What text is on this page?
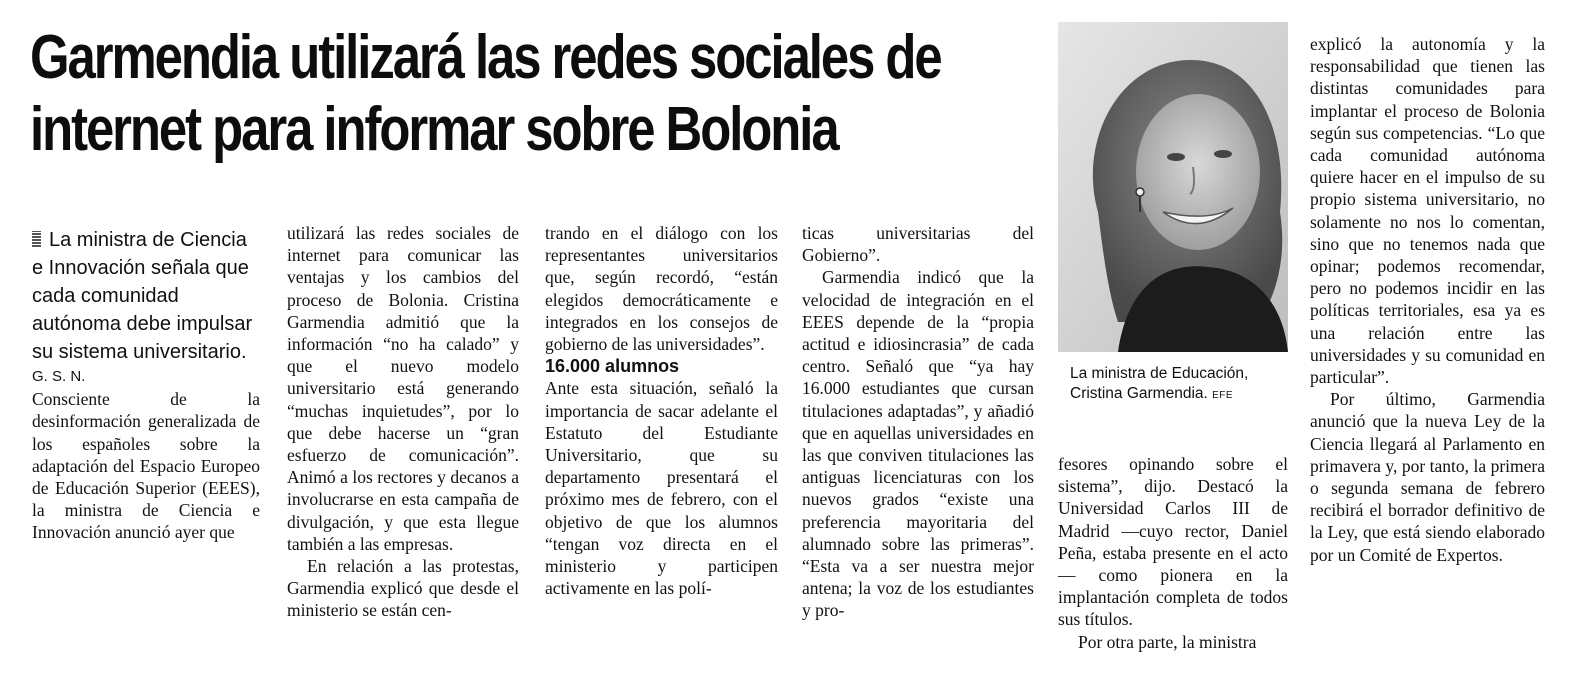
Garmendia utilizará las redes sociales de
internet para informar sobre Bolonia

La ministra de Ciencia e Innovación señala que cada comunidad autónoma debe impulsar su sistema universitario.

G. S. N.

Consciente de la desinformación generalizada de los españoles sobre la adaptación del Espacio Europeo de Educación Superior (EEES), la ministra de Ciencia e Innovación anunció ayer que

utilizará las redes sociales de internet para comunicar las ventajas y los cambios del proceso de Bolonia. Cristina Garmendia admitió que la información “no ha calado” y que el nuevo modelo universitario está generando “muchas inquietudes”, por lo que debe hacerse un “gran esfuerzo de comunicación”. Animó a los rectores y decanos a involucrarse en esta campaña de divulgación, y que esta llegue también a las empresas.

En relación a las protestas, Garmendia explicó que desde el ministerio se están cen-

trando en el diálogo con los representantes universitarios que, según recordó, “están elegidos democráticamente e integrados en los consejos de gobierno de las universidades”.

16.000 alumnos

Ante esta situación, señaló la importancia de sacar adelante el Estatuto del Estudiante Universitario, que su departamento presentará el próximo mes de febrero, con el objetivo de que los alumnos “tengan voz directa en el ministerio y participen activamente en las polí-

ticas universitarias del Gobierno”.

Garmendia indicó que la velocidad de integración en el EEES depende de la “propia actitud e idiosincrasia” de cada centro. Señaló que “ya hay 16.000 estudiantes que cursan titulaciones adaptadas”, y añadió que en aquellas universidades en las que conviven titulaciones las antiguas licenciaturas con los nuevos grados “existe una preferencia mayoritaria del alumnado sobre las primeras”. “Esta va a ser nuestra mejor antena; la voz de los estudiantes y pro-

La ministra de Educación, Cristina Garmendia. EFE

fesores opinando sobre el sistema”, dijo. Destacó la Universidad Carlos III de Madrid —cuyo rector, Daniel Peña, estaba presente en el acto— como pionera en la implantación completa de todos sus títulos.

Por otra parte, la ministra

explicó la autonomía y la responsabilidad que tienen las distintas comunidades para implantar el proceso de Bolonia según sus competencias. “Lo que cada comunidad autónoma quiere hacer en el impulso de su propio sistema universitario, no solamente no nos lo comentan, sino que no tenemos nada que opinar; podemos recomendar, pero no podemos incidir en las políticas territoriales, esa ya es una relación entre las universidades y su comunidad en particular”.

Por último, Garmendia anunció que la nueva Ley de la Ciencia llegará al Parlamento en primavera y, por tanto, la primera o segunda semana de febrero recibirá el borrador definitivo de la Ley, que está siendo elaborado por un Comité de Expertos.
